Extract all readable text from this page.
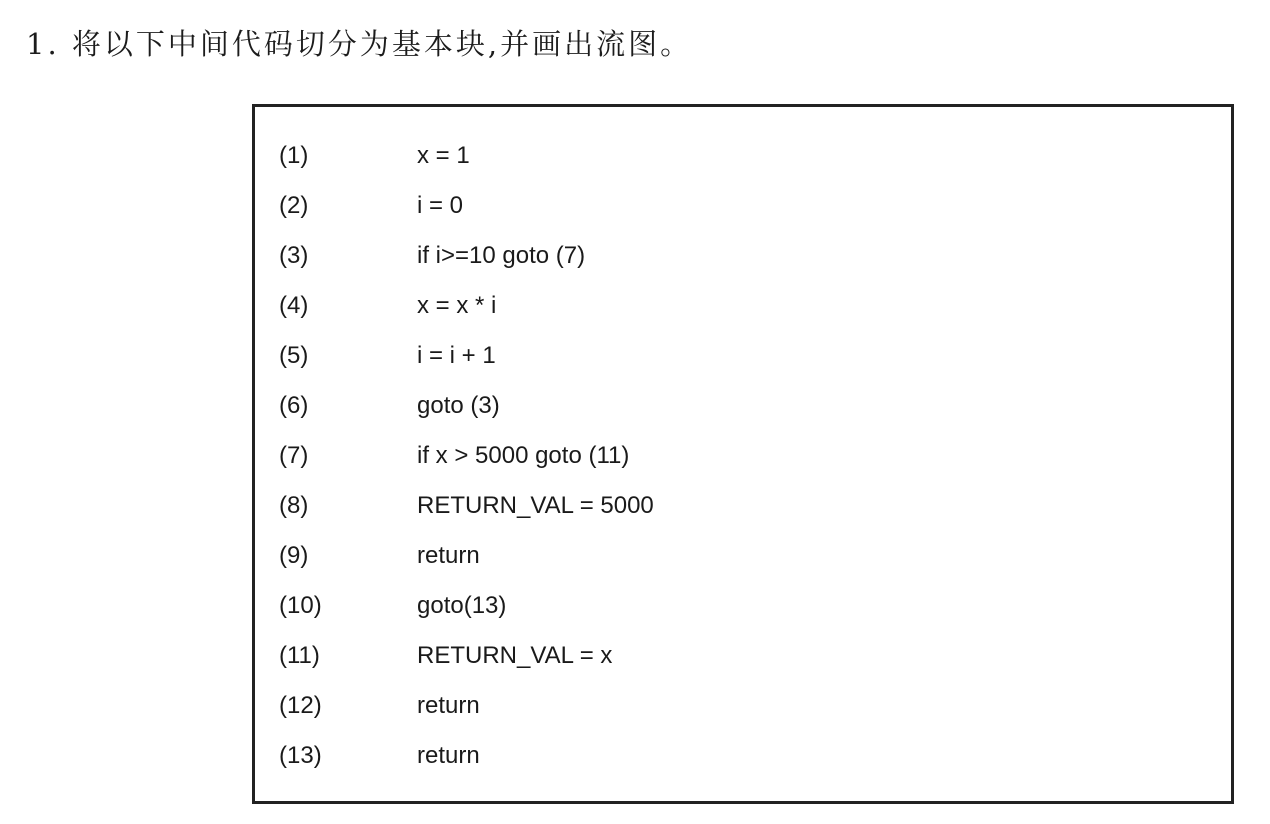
1. 将以下中间代码切分为基本块,并画出流图。
(1)	x = 1
(2)	i = 0
(3)	if i>=10 goto (7)
(4)	x = x * i
(5)	i = i + 1
(6)	goto (3)
(7)	if x > 5000 goto (11)
(8)	RETURN_VAL = 5000
(9)	return
(10)	goto(13)
(11)	RETURN_VAL = x
(12)	return
(13)	return
